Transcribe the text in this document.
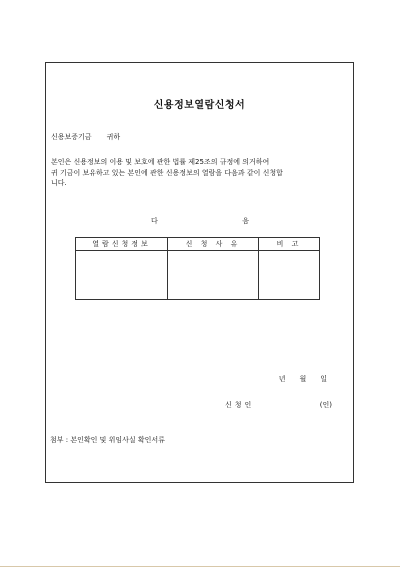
신용정보열람신청서
신용보증기금 귀하
본인은 신용정보의 이용 및 보호에 관한 법률 제25조의 규정에 의거하여
귀 기금이 보유하고 있는 본인에 관한 신용정보의 열람을 다음과 같이 신청합
니다.
다	음
열람신청정보	신 청 사 유	비 고

년 월 일
신청인	(인)
첨부 : 본인확인 및 위임사실 확인서류
